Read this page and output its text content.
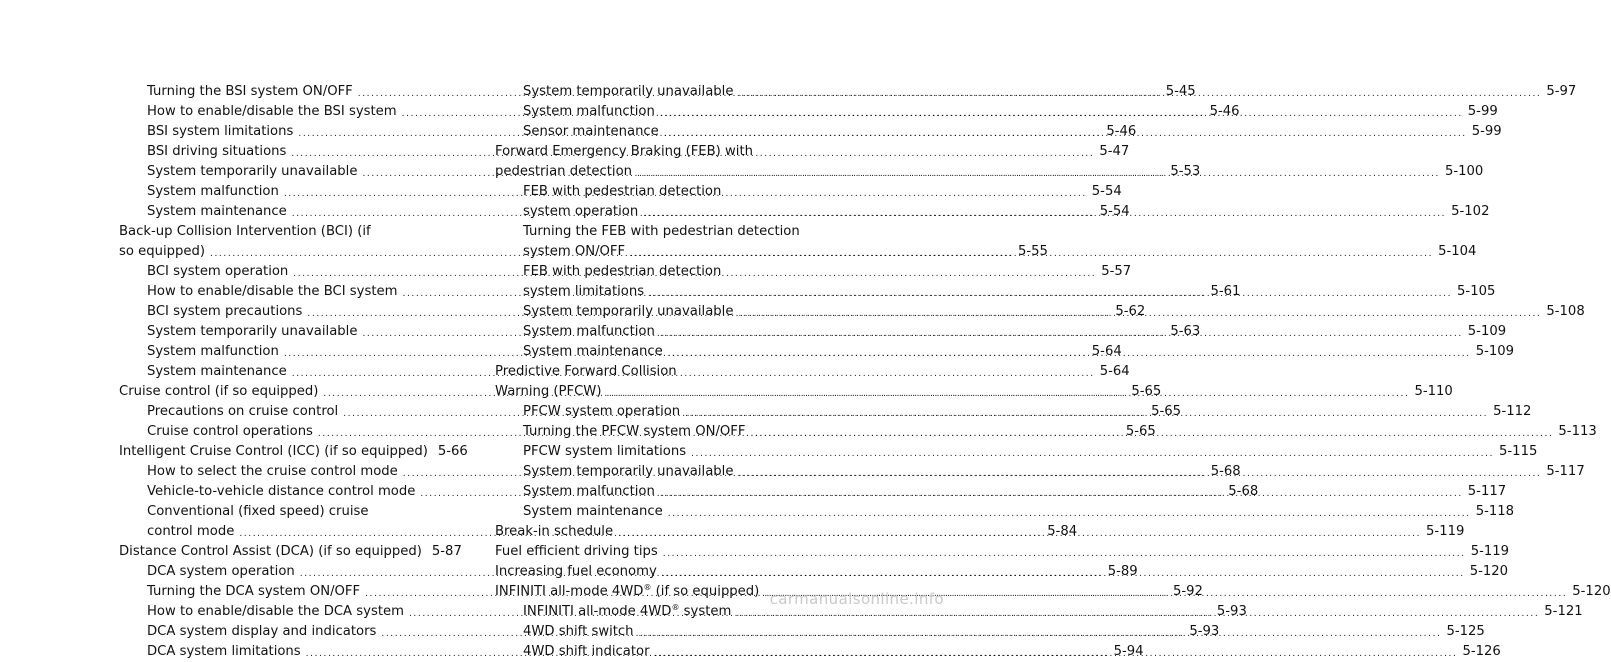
Turning the BSI system ON/OFF .....	5-45
How to enable/disable the BSI system .....	5-46
BSI system limitations .....	5-46
BSI driving situations .....	5-47
System temporarily unavailable .....	5-53
System malfunction .....	5-54
System maintenance .....	5-54
Back-up Collision Intervention (BCI) (if
so equipped) .....	5-55
BCI system operation .....	5-57
How to enable/disable the BCI system .....	5-61
BCI system precautions .....	5-62
System temporarily unavailable .....	5-63
System malfunction .....	5-64
System maintenance .....	5-64
Cruise control (if so equipped) .....	5-65
Precautions on cruise control .....	5-65
Cruise control operations .....	5-65
Intelligent Cruise Control (ICC) (if so equipped) 5-66
How to select the cruise control mode .....	5-68
Vehicle-to-vehicle distance control mode .....	5-68
Conventional (fixed speed) cruise
control mode .....	5-84
Distance Control Assist (DCA) (if so equipped) 5-87
DCA system operation .....	5-89
Turning the DCA system ON/OFF .....	5-92
How to enable/disable the DCA system .....	5-93
DCA system display and indicators .....	5-93
DCA system limitations .....	5-94
System temporarily unavailable .....	5-97
System malfunction .....	5-99
Sensor maintenance .....	5-99
Forward Emergency Braking (FEB) with
pedestrian detection .....	5-100
FEB with pedestrian detection
system operation .....	5-102
Turning the FEB with pedestrian detection
system ON/OFF .....	5-104
FEB with pedestrian detection
system limitations .....	5-105
System temporarily unavailable .....	5-108
System malfunction .....	5-109
System maintenance .....	5-109
Predictive Forward Collision
Warning (PFCW) .....	5-110
PFCW system operation .....	5-112
Turning the PFCW system ON/OFF .....	5-113
PFCW system limitations .....	5-115
System temporarily unavailable .....	5-117
System malfunction .....	5-117
System maintenance .....	5-118
Break-in schedule .....	5-119
Fuel efficient driving tips .....	5-119
Increasing fuel economy .....	5-120
INFINITI all-mode 4WD® (if so equipped) .....	5-120
INFINITI all-mode 4WD® system .....	5-121
4WD shift switch .....	5-125
4WD shift indicator .....	5-126
carmanualsonline.info
